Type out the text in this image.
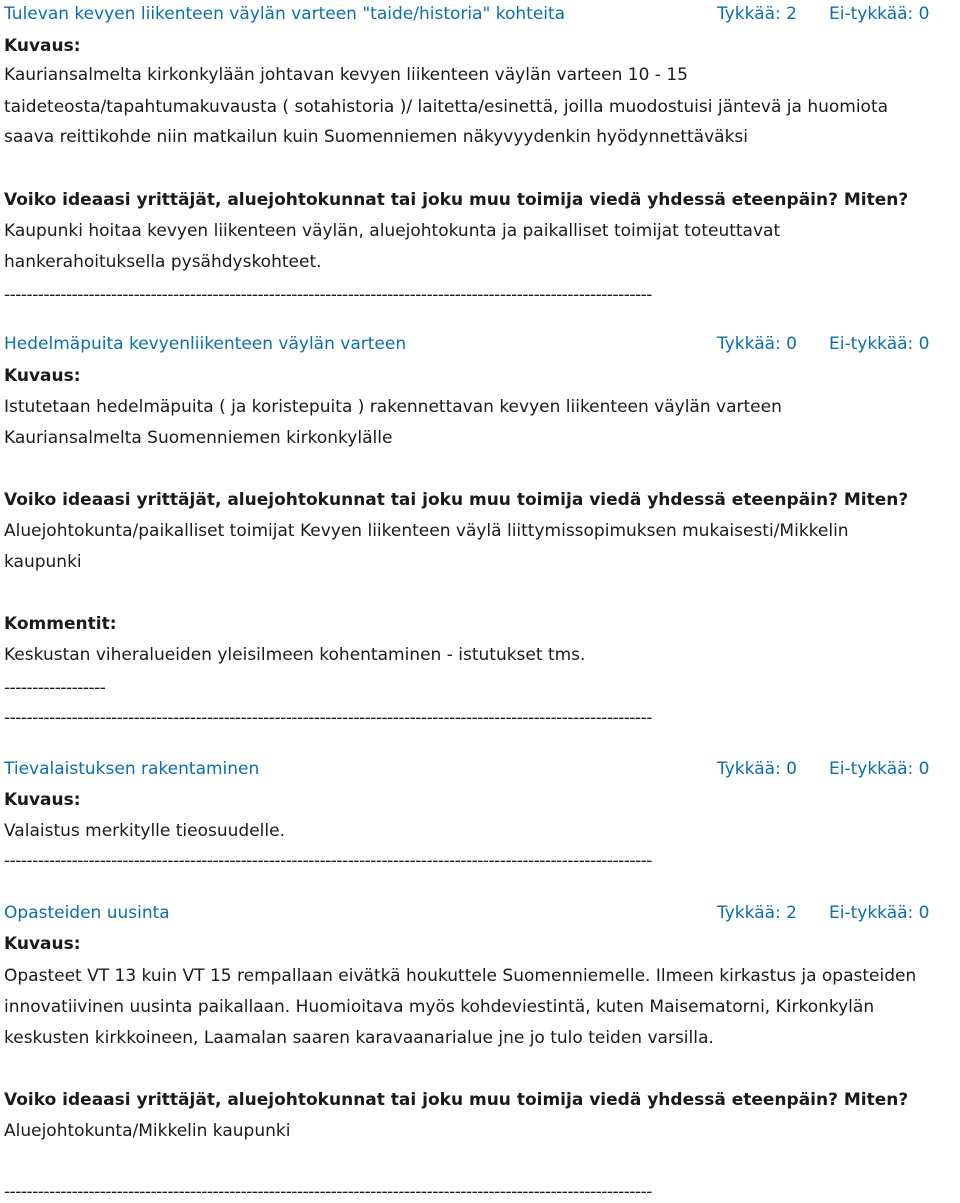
Tulevan kevyen liikenteen väylän varteen "taide/historia" kohteita	Tykkää: 2 Ei-tykkää: 0
Kuvaus:
Kauriansalmelta kirkonkylään johtavan kevyen liikenteen väylän varteen 10 - 15
taideteosta/tapahtumakuvausta ( sotahistoria )/ laitetta/esinettä, joilla muodostuisi jäntevä ja huomiota
saava reittikohde niin matkailun kuin Suomenniemen näkyvyydenkin hyödynnettäväksi
Voiko ideaasi yrittäjät, aluejohtokunnat tai joku muu toimija viedä yhdessä eteenpäin? Miten?
Kaupunki hoitaa kevyen liikenteen väylän, aluejohtokunta ja paikalliset toimijat toteuttavat
hankerahoituksella pysähdyskohteet.
-------------------------------------------------------------------------------------------------------------------
Hedelmäpuita kevyenliikenteen väylän varteen	Tykkää: 0 Ei-tykkää: 0
Kuvaus:
Istutetaan hedelmäpuita ( ja koristepuita ) rakennettavan kevyen liikenteen väylän varteen
Kauriansalmelta Suomenniemen kirkonkylälle
Voiko ideaasi yrittäjät, aluejohtokunnat tai joku muu toimija viedä yhdessä eteenpäin? Miten?
Aluejohtokunta/paikalliset toimijat Kevyen liikenteen väylä liittymissopimuksen mukaisesti/Mikkelin
kaupunki
Kommentit:
Keskustan viheralueiden yleisilmeen kohentaminen - istutukset tms.
------------------
-------------------------------------------------------------------------------------------------------------------
Tievalaistuksen rakentaminen	Tykkää: 0 Ei-tykkää: 0
Kuvaus:
Valaistus merkitylle tieosuudelle.
-------------------------------------------------------------------------------------------------------------------
Opasteiden uusinta	Tykkää: 2 Ei-tykkää: 0
Kuvaus:
Opasteet VT 13 kuin VT 15 rempallaan eivätkä houkuttele Suomenniemelle. Ilmeen kirkastus ja opasteiden
innovatiivinen uusinta paikallaan. Huomioitava myös kohdeviestintä, kuten Maisematorni, Kirkonkylän
keskusten kirkkoineen, Laamalan saaren karavaanarialue jne jo tulo teiden varsilla.
Voiko ideaasi yrittäjät, aluejohtokunnat tai joku muu toimija viedä yhdessä eteenpäin? Miten?
Aluejohtokunta/Mikkelin kaupunki
-------------------------------------------------------------------------------------------------------------------
